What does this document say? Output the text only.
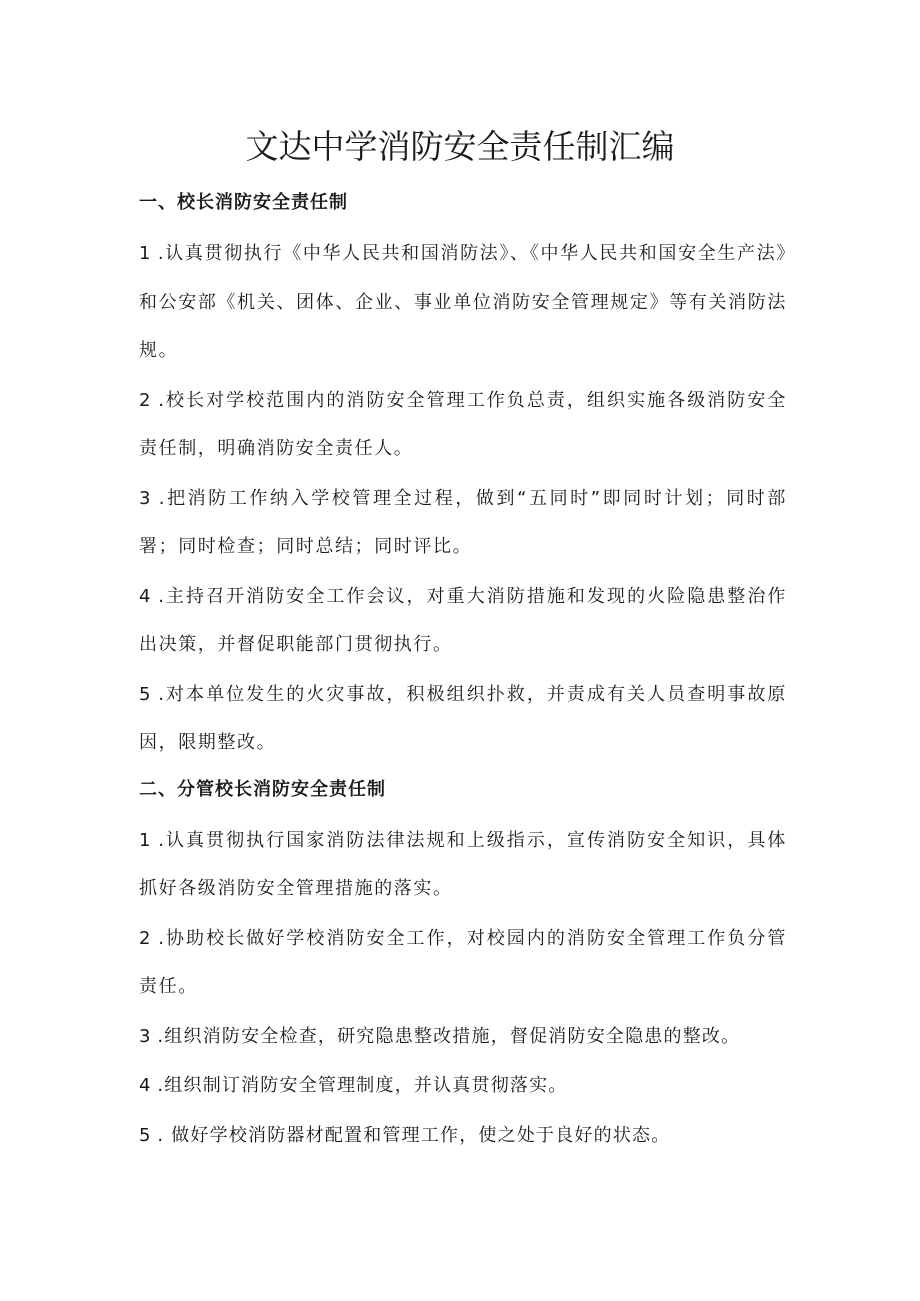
文达中学消防安全责任制汇编
一、校长消防安全责任制

1 .认真贯彻执行《中华人民共和国消防法》、《中华人民共和国安全生产法》和公安部《机关、团体、企业、事业单位消防安全管理规定》等有关消防法规。

2 .校长对学校范围内的消防安全管理工作负总责，组织实施各级消防安全责任制，明确消防安全责任人。

3 .把消防工作纳入学校管理全过程，做到“五同时”即同时计划；同时部署；同时检查；同时总结；同时评比。

4 .主持召开消防安全工作会议，对重大消防措施和发现的火险隐患整治作出决策，并督促职能部门贯彻执行。

5 .对本单位发生的火灾事故，积极组织扑救，并责成有关人员查明事故原因，限期整改。

二、分管校长消防安全责任制

1 .认真贯彻执行国家消防法律法规和上级指示，宣传消防安全知识，具体抓好各级消防安全管理措施的落实。

2 .协助校长做好学校消防安全工作，对校园内的消防安全管理工作负分管责任。

3 .组织消防安全检查，研究隐患整改措施，督促消防安全隐患的整改。

4 .组织制订消防安全管理制度，并认真贯彻落实。

5 . 做好学校消防器材配置和管理工作，使之处于良好的状态。
